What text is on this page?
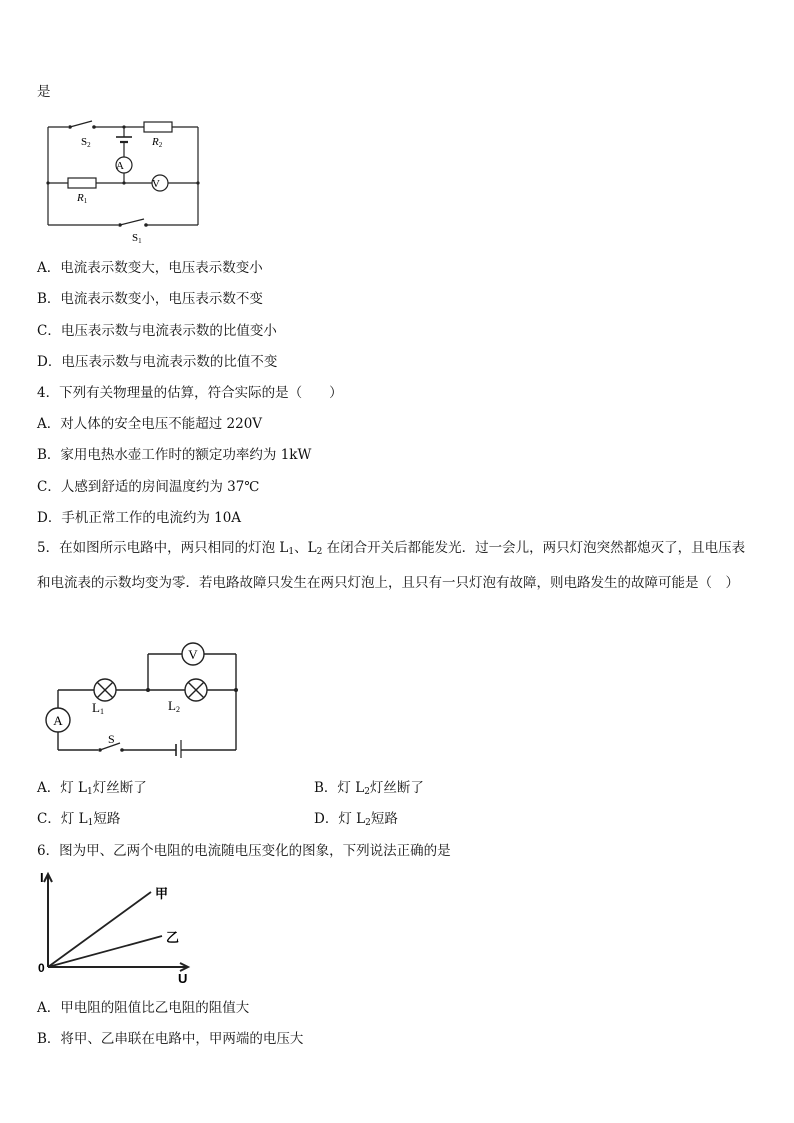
是
A
V
S2	R2
R1
S1
A．电流表示数变大，电压表示数变小
B．电流表示数变小，电压表示数不变
C．电压表示数与电流表示数的比值变小
D．电压表示数与电流表示数的比值不变
4．下列有关物理量的估算，符合实际的是（　　）
A．对人体的安全电压不能超过 220V
B．家用电热水壶工作时的额定功率约为 1kW
C．人感到舒适的房间温度约为 37℃
D．手机正常工作的电流约为 10A
5．在如图所示电路中，两只相同的灯泡 $L_1$、$L_2$ 在闭合开关后都能发光．过一会儿，两只灯泡突然都熄灭了，且电压表和电流表的示数均变为零．若电路故障只发生在两只灯泡上，且只有一只灯泡有故障，则电路发生的故障可能是（　）
V
A
L1	L2
S
A．灯 $L_1$灯丝断了	B．灯 $L_2$灯丝断了
C．灯 $L_1$短路	D．灯 $L_2$短路
6．图为甲、乙两个电阻的电流随电压变化的图象，下列说法正确的是
I
U
0
甲
乙
A．甲电阻的阻值比乙电阻的阻值大
B．将甲、乙串联在电路中，甲两端的电压大
